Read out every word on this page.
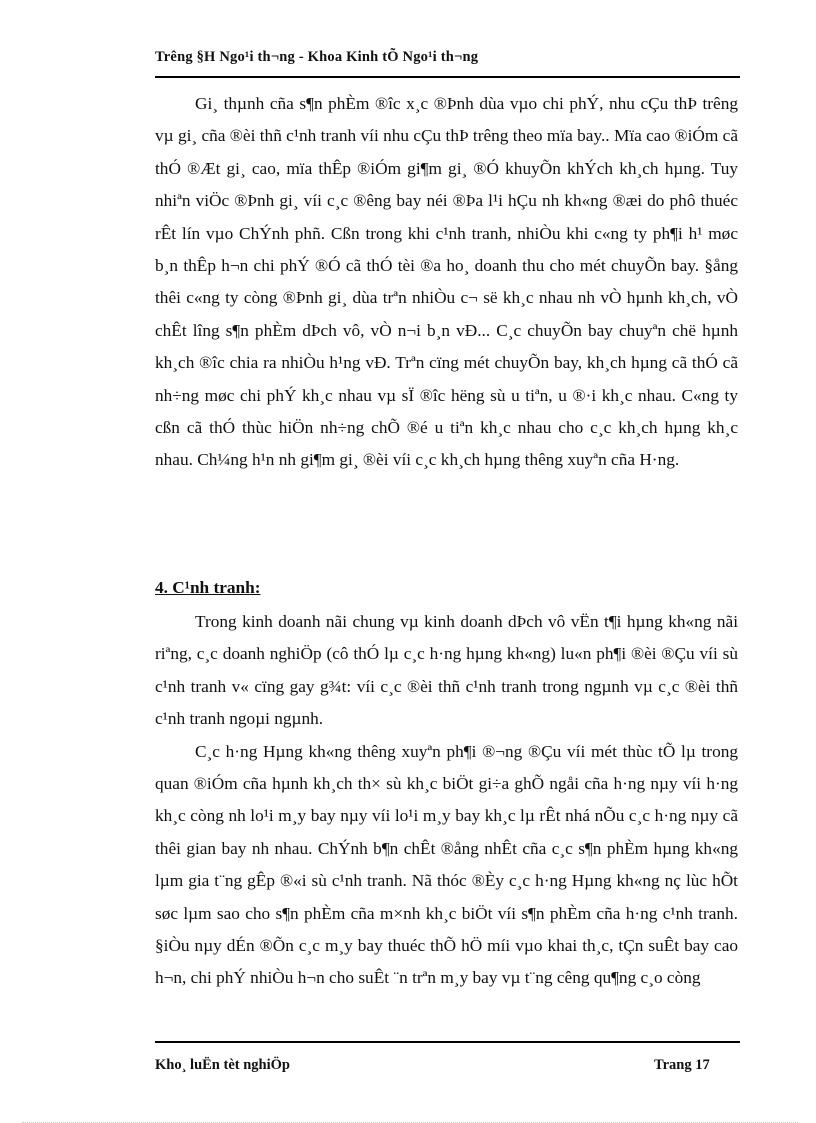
Trêng §H Ngo¹i th¬ng - Khoa Kinh tÕ Ngo¹i th¬ng

Gi¸ thµnh cña s¶n phÈm ®îc x¸c ®Þnh dùa vµo chi phÝ, nhu cÇu thÞ trêng vµ gi¸ cña ®èi thñ c¹nh tranh víi nhu cÇu thÞ trêng theo mïa bay.. Mïa cao ®iÓm cã thÓ ®Æt gi¸ cao, mïa thÊp ®iÓm gi¶m gi¸ ®Ó khuyÕn khÝch kh¸ch hµng. Tuy nhiªn viÖc ®Þnh gi¸ víi c¸c ®êng bay néi ®Þa l¹i hÇu nh kh«ng ®æi do phô thuéc rÊt lín vµo ChÝnh phñ. Cßn trong khi c¹nh tranh, nhiÒu khi c«ng ty ph¶i h¹ møc b¸n thÊp h¬n chi phÝ ®Ó cã thÓ tèi ®a ho¸ doanh thu cho mét chuyÕn bay. §ång thêi c«ng ty còng ®Þnh gi¸ dùa trªn nhiÒu c¬ së kh¸c nhau nh vÒ hµnh kh¸ch, vÒ chÊt lîng s¶n phÈm dÞch vô, vÒ n¬i b¸n vÐ... C¸c chuyÕn bay chuyªn chë hµnh kh¸ch ®îc chia ra nhiÒu h¹ng vÐ. Trªn cïng mét chuyÕn bay, kh¸ch hµng cã thÓ cã nh÷ng møc chi phÝ kh¸c nhau vµ sÏ ®îc hëng sù u tiªn, u ®·i kh¸c nhau. C«ng ty cßn cã thÓ thùc hiÖn nh÷ng chÕ ®é u tiªn kh¸c nhau cho c¸c kh¸ch hµng kh¸c nhau. Ch¼ng h¹n nh gi¶m gi¸ ®èi víi c¸c kh¸ch hµng thêng xuyªn cña H·ng.

4. C¹nh tranh:

Trong kinh doanh nãi chung vµ kinh doanh dÞch vô vËn t¶i hµng kh«ng nãi riªng, c¸c doanh nghiÖp (cô thÓ lµ c¸c h·ng hµng kh«ng) lu«n ph¶i ®èi ®Çu víi sù c¹nh tranh v« cïng gay g¾t: víi c¸c ®èi thñ c¹nh tranh trong ngµnh vµ c¸c ®èi thñ c¹nh tranh ngoµi ngµnh.

C¸c h·ng Hµng kh«ng thêng xuyªn ph¶i ®¬ng ®Çu víi mét thùc tÕ lµ trong quan ®iÓm cña hµnh kh¸ch th× sù kh¸c biÖt gi÷a ghÕ ngåi cña h·ng nµy víi h·ng kh¸c còng nh lo¹i m¸y bay nµy víi lo¹i m¸y bay kh¸c lµ rÊt nhá nÕu c¸c h·ng nµy cã thêi gian bay nh nhau. ChÝnh b¶n chÊt ®ång nhÊt cña c¸c s¶n phÈm hµng kh«ng lµm gia t¨ng gÊp ®«i sù c¹nh tranh. Nã thóc ®Èy c¸c h·ng Hµng kh«ng nç lùc hÕt søc lµm sao cho s¶n phÈm cña m×nh kh¸c biÖt víi s¶n phÈm cña h·ng c¹nh tranh. §iÒu nµy dÉn ®Õn c¸c m¸y bay thuéc thÕ hÖ míi vµo khai th¸c, tÇn suÊt bay cao h¬n, chi phÝ nhiÒu h¬n cho suÊt ¨n trªn m¸y bay vµ t¨ng cêng qu¶ng c¸o còng

Kho¸ luËn tèt nghiÖp	Trang 17
